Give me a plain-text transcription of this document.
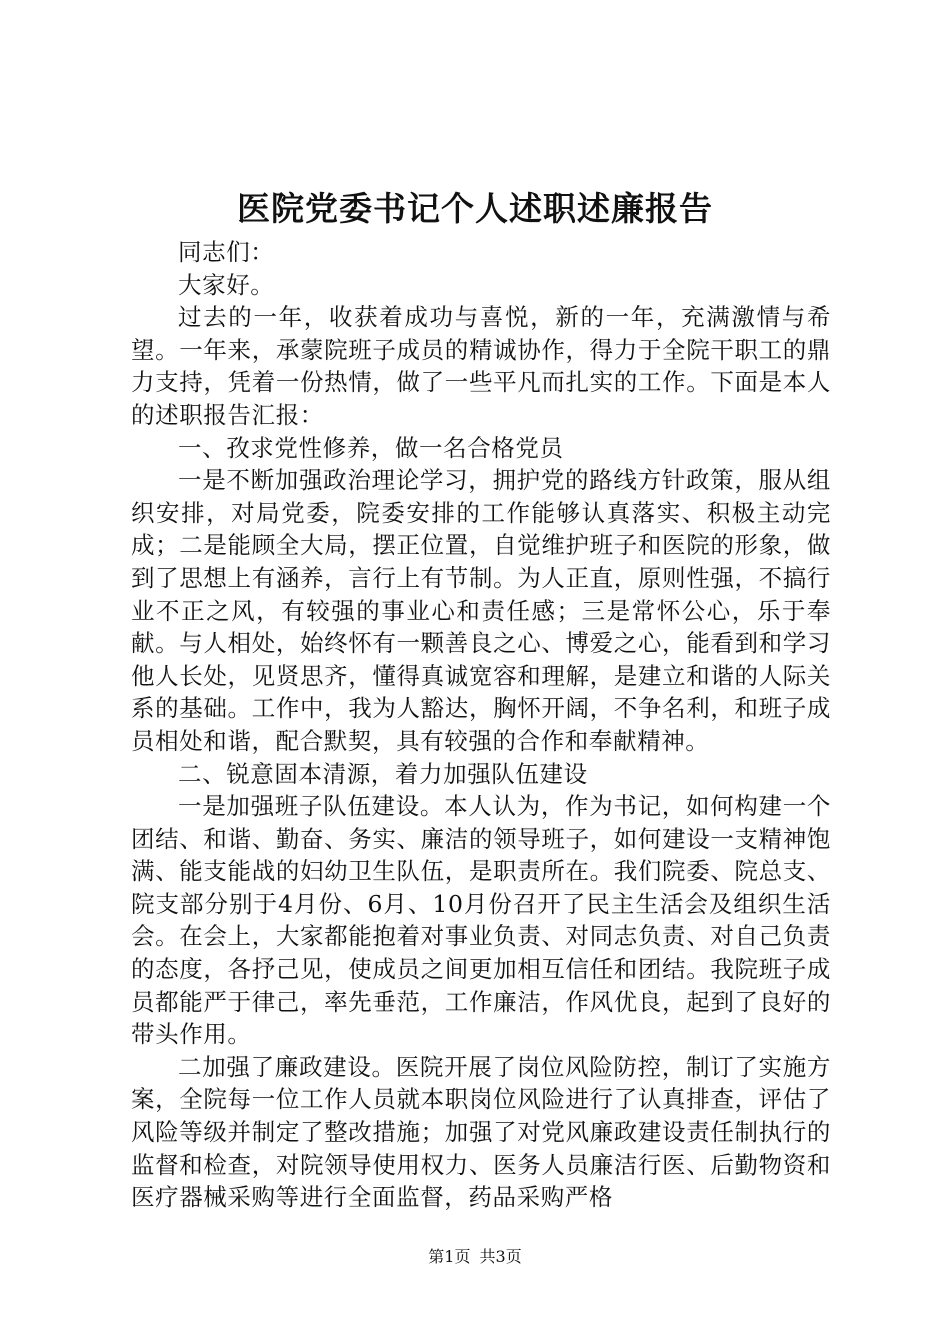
医院党委书记个人述职述廉报告

同志们：

大家好。

过去的一年，收获着成功与喜悦，新的一年，充满激情与希望。一年来，承蒙院班子成员的精诚协作，得力于全院干职工的鼎力支持，凭着一份热情，做了一些平凡而扎实的工作。下面是本人的述职报告汇报：

一、孜求党性修养，做一名合格党员

一是不断加强政治理论学习，拥护党的路线方针政策，服从组织安排，对局党委，院委安排的工作能够认真落实、积极主动完成；二是能顾全大局，摆正位置，自觉维护班子和医院的形象，做到了思想上有涵养，言行上有节制。为人正直，原则性强，不搞行业不正之风，有较强的事业心和责任感；三是常怀公心，乐于奉献。与人相处，始终怀有一颗善良之心、博爱之心，能看到和学习他人长处，见贤思齐，懂得真诚宽容和理解，是建立和谐的人际关系的基础。工作中，我为人豁达，胸怀开阔，不争名利，和班子成员相处和谐，配合默契，具有较强的合作和奉献精神。

二、锐意固本清源，着力加强队伍建设

一是加强班子队伍建设。本人认为，作为书记，如何构建一个团结、和谐、勤奋、务实、廉洁的领导班子，如何建设一支精神饱满、能支能战的妇幼卫生队伍，是职责所在。我们院委、院总支、院支部分别于4月份、6月、10月份召开了民主生活会及组织生活会。在会上，大家都能抱着对事业负责、对同志负责、对自己负责的态度，各抒己见，使成员之间更加相互信任和团结。我院班子成员都能严于律己，率先垂范，工作廉洁，作风优良，起到了良好的带头作用。

二加强了廉政建设。医院开展了岗位风险防控，制订了实施方案，全院每一位工作人员就本职岗位风险进行了认真排查，评估了风险等级并制定了整改措施；加强了对党风廉政建设责任制执行的监督和检查，对院领导使用权力、医务人员廉洁行医、后勤物资和医疗器械采购等进行全面监督，药品采购严格

第1页 共3页
